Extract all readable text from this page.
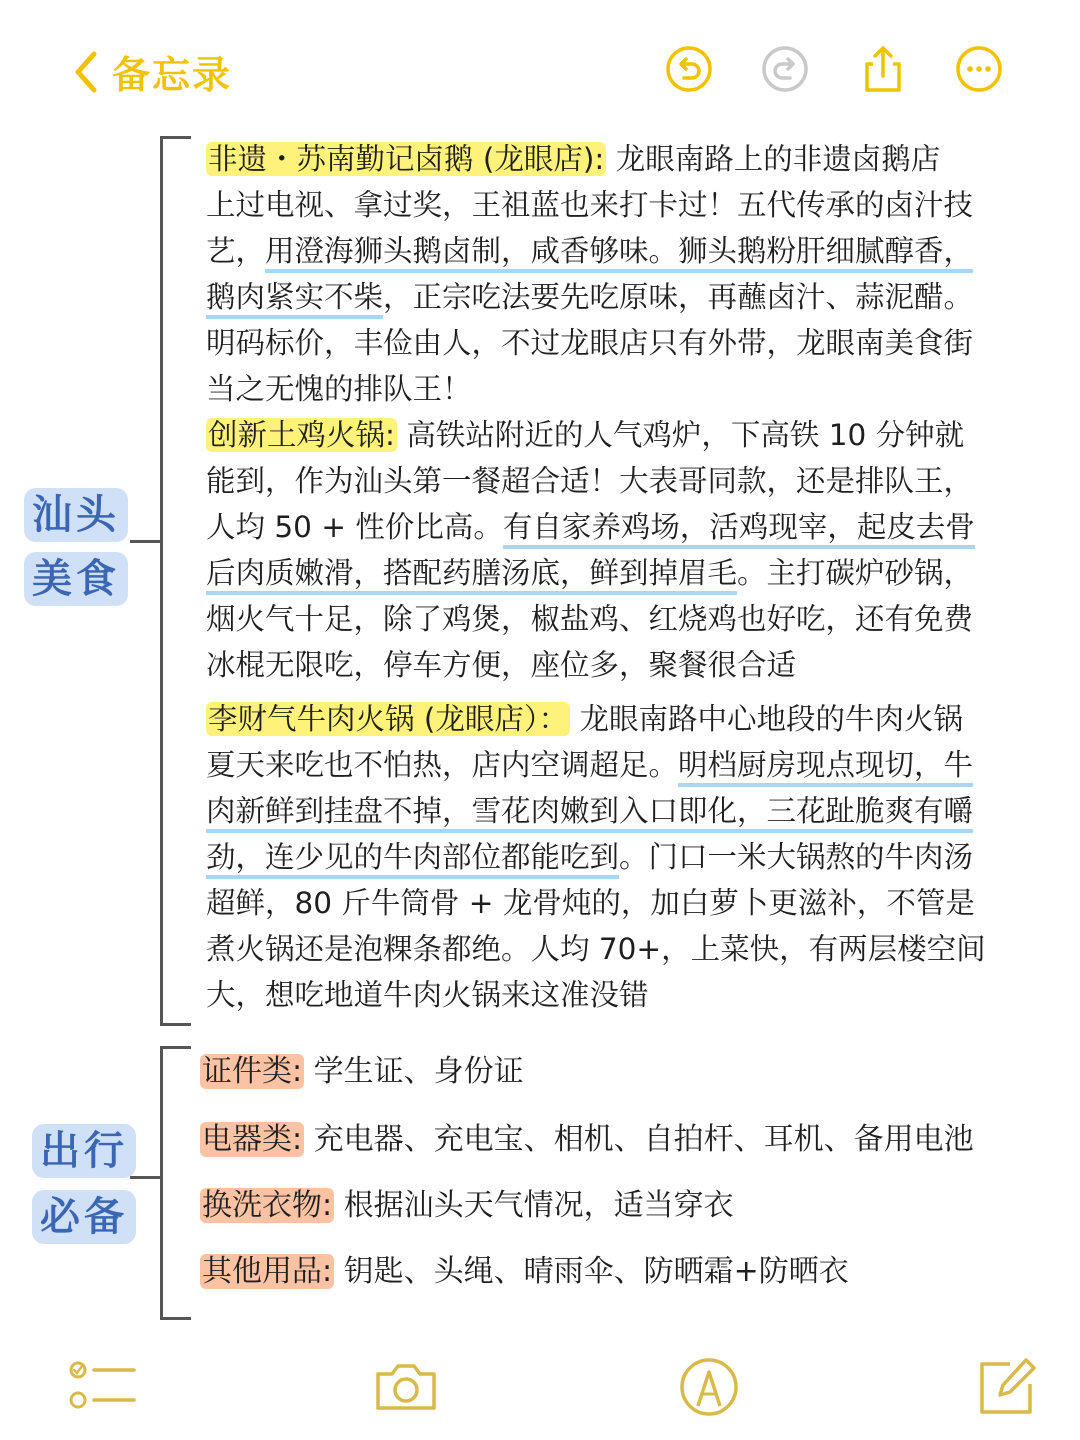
备忘录
汕头
美食
非遗・苏南勤记卤鹅 (龙眼店): 龙眼南路上的非遗卤鹅店
上过电视、拿过奖，王祖蓝也来打卡过！五代传承的卤汁技
艺，用澄海狮头鹅卤制，咸香够味。狮头鹅粉肝细腻醇香，
鹅肉紧实不柴，正宗吃法要先吃原味，再蘸卤汁、蒜泥醋。
明码标价，丰俭由人，不过龙眼店只有外带，龙眼南美食街
当之无愧的排队王！
创新土鸡火锅: 高铁站附近的人气鸡炉，下高铁 10 分钟就
能到，作为汕头第一餐超合适！大表哥同款，还是排队王，
人均 50 + 性价比高。有自家养鸡场，活鸡现宰，起皮去骨
后肉质嫩滑，搭配药膳汤底，鲜到掉眉毛。主打碳炉砂锅，
烟火气十足，除了鸡煲，椒盐鸡、红烧鸡也好吃，还有免费
冰棍无限吃，停车方便，座位多，聚餐很合适
李财气牛肉火锅 (龙眼店）： 龙眼南路中心地段的牛肉火锅
夏天来吃也不怕热，店内空调超足。明档厨房现点现切，牛
肉新鲜到挂盘不掉，雪花肉嫩到入口即化，三花趾脆爽有嚼
劲，连少见的牛肉部位都能吃到。门口一米大锅熬的牛肉汤
超鲜，80 斤牛筒骨 + 龙骨炖的，加白萝卜更滋补，不管是
煮火锅还是泡粿条都绝。人均 70+，上菜快，有两层楼空间
大，想吃地道牛肉火锅来这准没错
出行
必备
证件类: 学生证、身份证
电器类: 充电器、充电宝、相机、自拍杆、耳机、备用电池
换洗衣物: 根据汕头天气情况，适当穿衣
其他用品: 钥匙、头绳、晴雨伞、防晒霜+防晒衣
